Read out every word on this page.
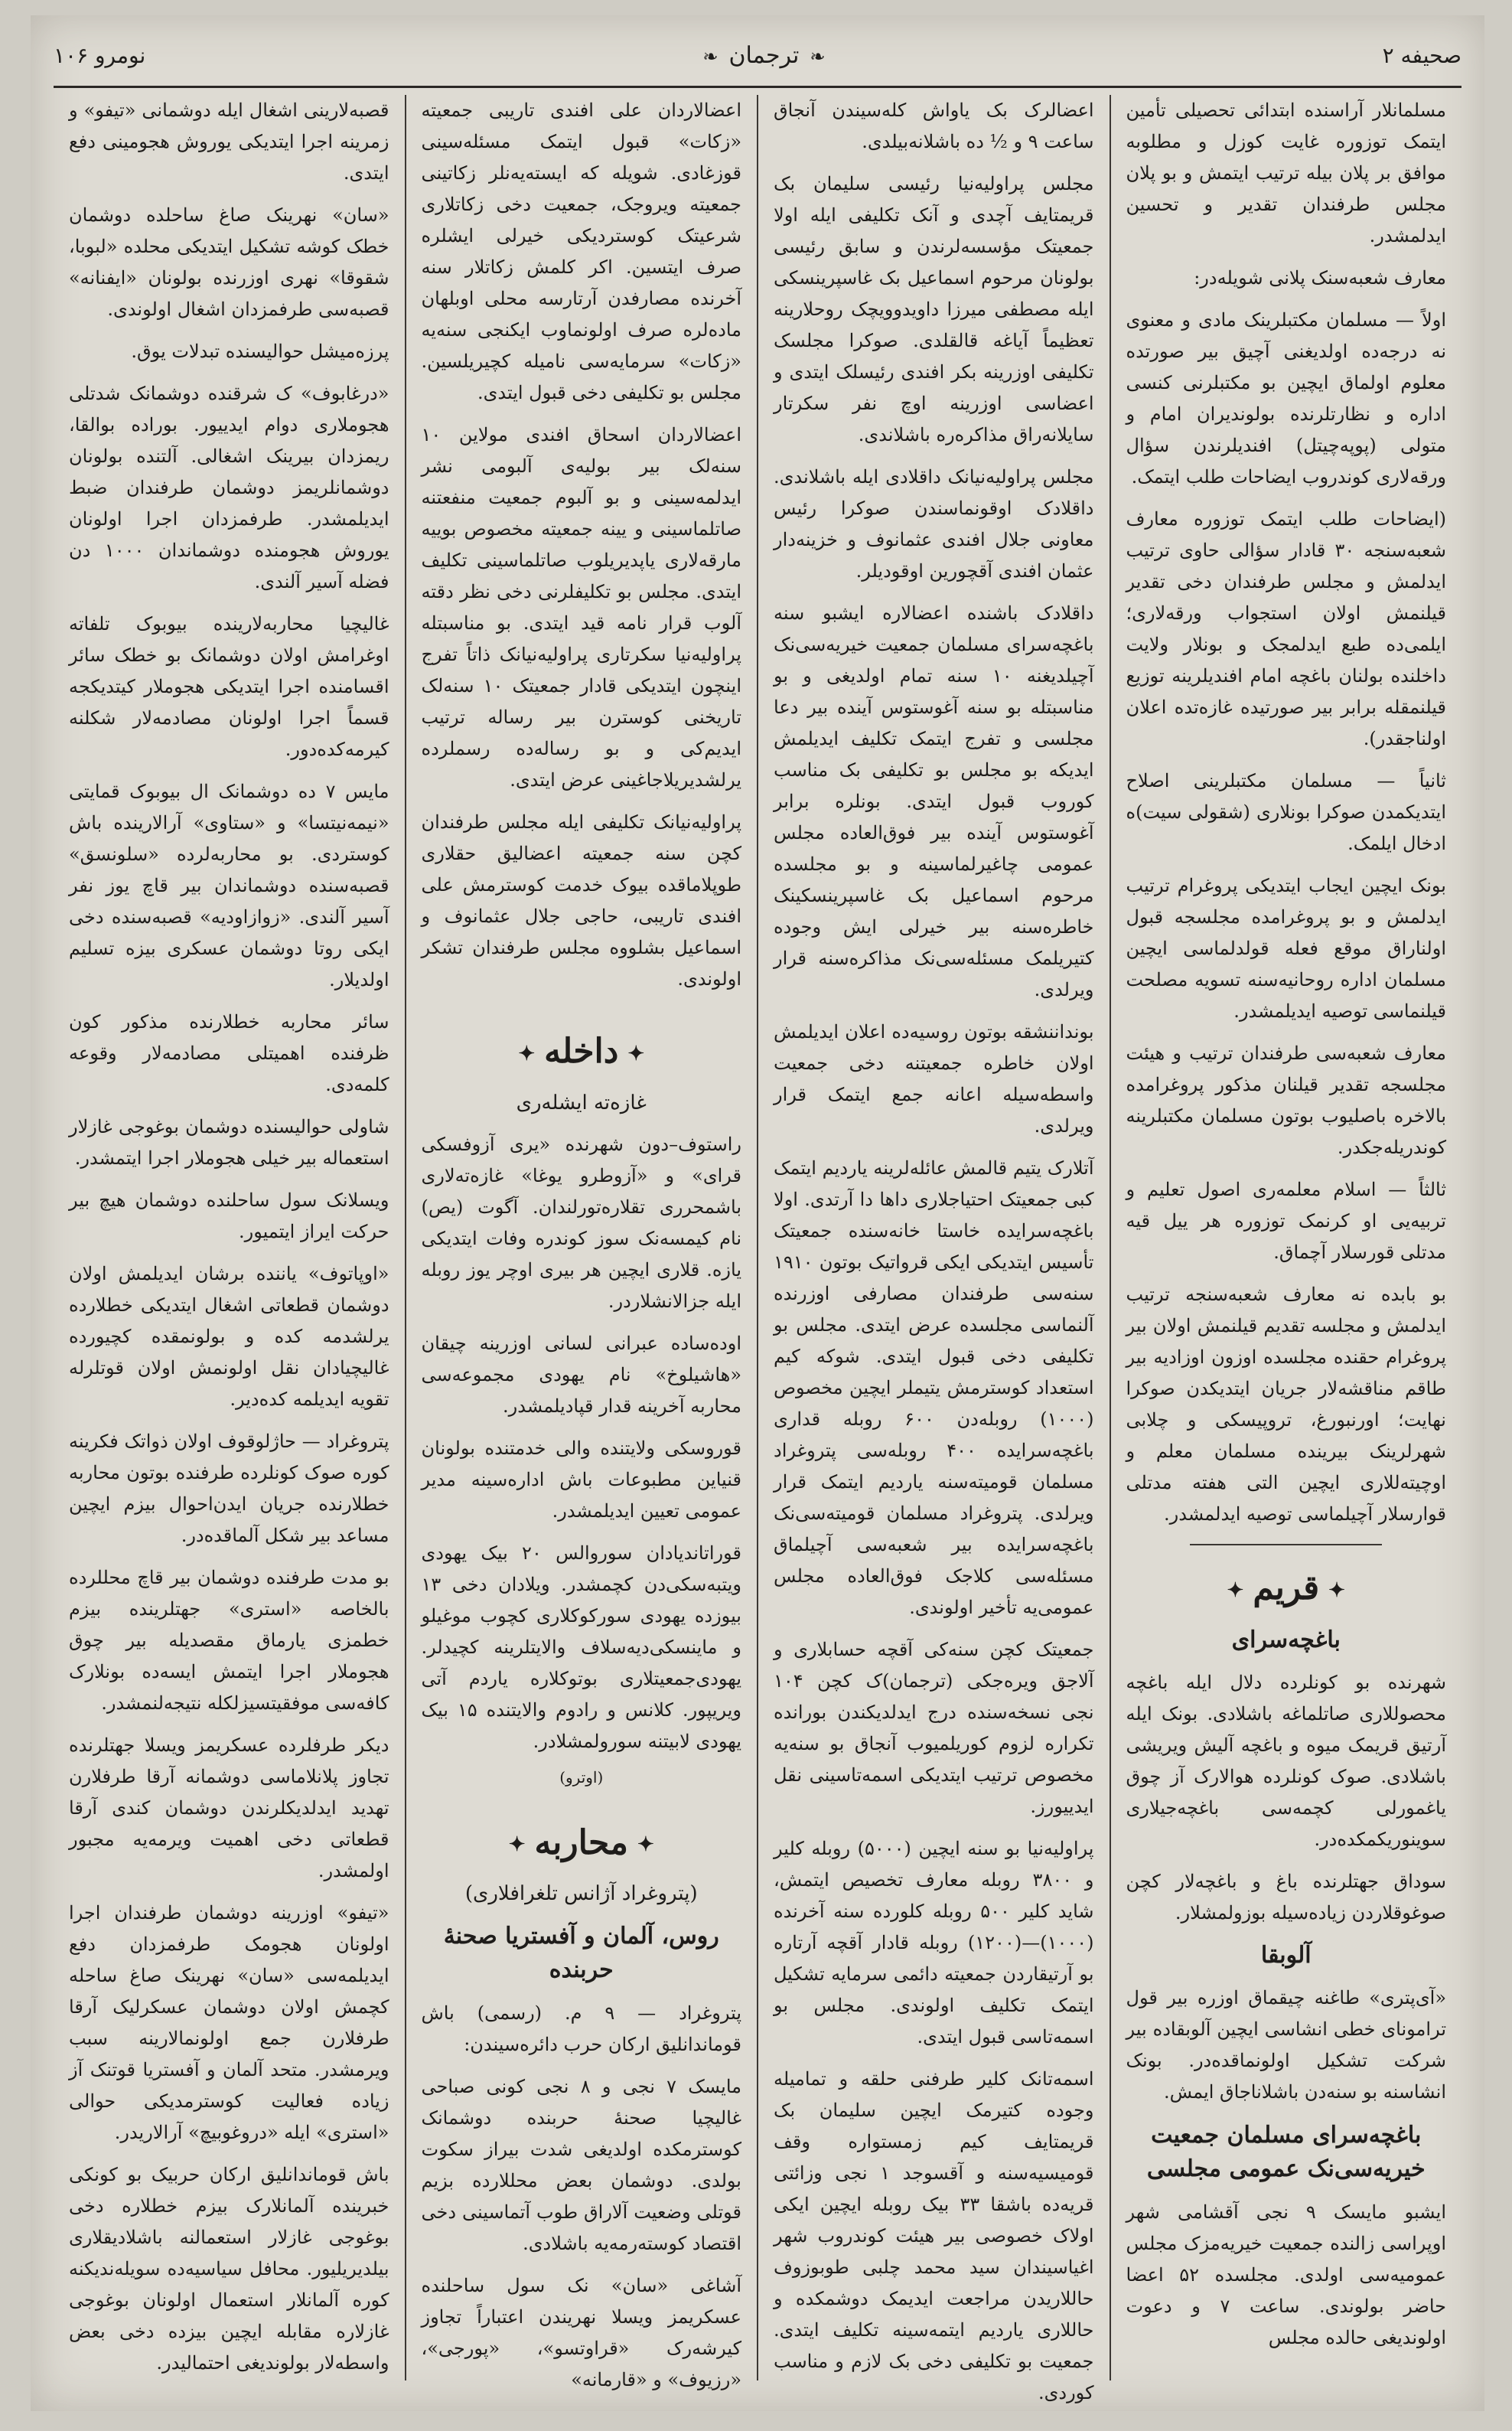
صحیفه ۲
❧ ترجمان ❧
نومرو ۱۰۶

مسلمانلار آراسنده ابتدائی تحصیلی تأمین ایتمک توزوره غایت کوزل و مطلوبه موافق بر پلان بیله ترتیب ایتمش و بو پلان مجلس طرفندان تقدیر و تحسین ایدلمشدر.

معارف شعبه‌سنک پلانی شویله‌در:

اولاً — مسلمان مکتبلرینک مادی و معنوی نه درجه‌ده اولدیغنی آچیق بیر صورتده معلوم اولماق ایچین بو مکتبلرنی کنسی اداره و نظارتلرنده بولوندیران امام و متولی (پوپه‌چیتل) افندیلرندن سؤال ورقه‌لاری کوندروب ایضاحات طلب ایتمک.

(ایضاحات طلب ایتمک توزوره معارف شعبه‌سنجه ۳۰ قادار سؤالی حاوی ترتیب ایدلمش و مجلس طرفندان دخی تقدیر قیلنمش اولان استجواب ورقه‌لاری؛ ایلمی‌ده طبع ایدلمجک و بونلار ولایت داخلنده بولنان باغچه امام افندیلرینه توزیع قیلنمقله برابر بیر صورتیده غازه‌تده اعلان اولناجقدر).

ثانیاً — مسلمان مکتبلرینی اصلاح ایتدیکمدن صوکرا بونلاری (شقولی سیت)ه ادخال ایلمک.

بونک ایچین ایجاب ایتدیکی پروغرام ترتیب ایدلمش و بو پروغرامده مجلسجه قبول اولناراق موقع فعله قولدلماسی ایچین مسلمان اداره روحانیه‌سنه تسویه مصلحت قیلنماسی توصیه ایدیلمشدر.

معارف شعبه‌سی طرفندان ترتیب و هیئت مجلسجه تقدیر قیلنان مذکور پروغرامده بالاخره باصلیوب بوتون مسلمان مکتبلرینه کوندریله‌جکدر.

ثالثاً — اسلام معلمه‌ری اصول تعلیم و تربیه‌یی او کرنمک توزوره هر ییل قیه مدتلی قورسلار آچماق.

بو بابده نه معارف شعبه‌سنجه ترتیب ایدلمش و مجلسه تقدیم قیلنمش اولان بیر پروغرام حقنده مجلسده اوزون اوزادیه بیر طاقم مناقشه‌لار جریان ایتدیکدن صوکرا نهایت؛ اورنبورغ، تروپیسکی و چلابی شهرلرینک بیرینده مسلمان معلم و اوچیته‌للاری ایچین التی هفته مدتلی قوارسلار آچیلماسی توصیه ایدلمشدر.

✦ قریم ✦
باغچه‌سرای

شهرنده بو کونلرده دلال ایله باغچه محصوللاری صاتلماغه باشلادی. بونک ایله آرتیق قریمک میوه و باغچه آلیش ویریشی باشلادی. صوک کونلرده هوالارک آز چوق یاغمورلی کچمه‌سی باغچه‌جیلاری سوینوریکمکده‌در.

سوداق جهتلرنده باغ و باغچه‌لار کچن صوغوقلاردن زیاده‌سیله بوزولمشلار.

آلوبقا

«آی‌پتری» طاغنه چیقماق اوزره بیر قول ترامونای خطی انشاسی ایچین آلوبقاده بیر شرکت تشکیل اولونماقده‌در. بونک انشاسنه بو سنه‌دن باشلاناجاق ایمش.

باغچه‌سرای مسلمان جمعیت خیریه‌سی‌نک عمومی مجلسی

ایشبو مایسک ۹ نجی آقشامی شهر اوپراسی زالنده جمعیت خیریه‌مزک مجلس عمومیه‌سی اولدی. مجلسده ۵۲ اعضا حاضر بولوندی. ساعت ۷ و دعوت اولوندیغی حالده مجلس

اعضالرک بک یاواش کله‌سیندن آنجاق ساعت ۹ و ½ ده باشلانه‌بیلدی.

مجلس پراولیه‌نیا رئیسی سلیمان بک قریمتایف آچدی و آنک تکلیفی ایله اولا جمعیتک مؤسسه‌لرندن و سابق رئیسی بولونان مرحوم اسماعیل بک غاسپرینسکی ایله مصطفی میرزا داویدوویچک روحلارینه تعظیماً آیاغه قالقلدی. صوکرا مجلسک تکلیفی اوزرینه بکر افندی رئیسلک ایتدی و اعضاسی اوزرینه اوچ نفر سکرتار سایلانه‌راق مذاکره‌ره باشلاندی.

مجلس پراولیه‌نیانک داقلادی ایله باشلاندی. داقلادک اوقونماسندن صوکرا رئیس معاونی جلال افندی عثمانوف و خزینه‌دار عثمان افندی آقچورین اوقودیلر.

داقلادک باشنده اعضالاره ایشبو سنه باغچه‌سرای مسلمان جمعیت خیریه‌سی‌نک آچیلدیغنه ۱۰ سنه تمام اولدیغی و بو مناسبتله بو سنه آغوستوس آینده بیر دعا مجلسی و تفرج ایتمک تکلیف ایدیلمش ایدیکه بو مجلس بو تکلیفی بک مناسب کوروب قبول ایتدی. بونلره برابر آغوستوس آینده بیر فوق‌العاده مجلس عمومی چاغیرلماسینه و بو مجلسده مرحوم اسماعیل بک غاسپرینسکینک خاطره‌سنه بیر خیرلی ایش وجوده کتیریلمک مسئله‌سی‌نک مذاکره‌سنه قرار ویرلدی.

بونداننشقه بوتون روسیه‌ده اعلان ایدیلمش اولان خاطره جمعیتنه دخی جمعیت واسطه‌سیله اعانه جمع ایتمک قرار ویرلدی.

آتلارک یتیم قالمش عائله‌لرینه یاردیم ایتمک کبی جمعیتک احتیاجلاری داها دا آرتدی. اولا باغچه‌سرایده خاستا خانه‌سنده جمعیتک تأسیس ایتدیکی ایکی قرواتیک بوتون ۱۹۱۰ سنه‌سی طرفندان مصارفی اوزرنده آلنماسی مجلسده عرض ایتدی. مجلس بو تکلیفی دخی قبول ایتدی. شوکه کیم استعداد کوسترمش یتیملر ایچین مخصوص (۱۰۰۰) روبله‌دن ۶۰۰ روبله قداری باغچه‌سرایده ۴۰۰ روبله‌سی پتروغراد مسلمان قومیته‌سنه یاردیم ایتمک قرار ویرلدی. پتروغراد مسلمان قومیته‌سی‌نک باغچه‌سرایده بیر شعبه‌سی آچیلماق مسئله‌سی کلاجک فوق‌العاده مجلس عمومی‌یه تأخیر اولوندی.

جمعیتک کچن سنه‌کی آقچه حسابلاری و آلاجق ویره‌جکی (ترجمان)ک کچن ۱۰۴ نجی نسخه‌سنده درج ایدلدیکندن بورانده تکراره لزوم کوریلمیوب آنجاق بو سنه‌یه مخصوص ترتیب ایتدیکی اسمه‌تاسینی نقل ایدییورز.

پراولیه‌نیا بو سنه ایچین (۵۰۰۰) روبله کلیر و ۳۸۰۰ روبله معارف تخصیص ایتمش، شاید کلیر ۵۰۰ روبله کلورده سنه آخرنده (۱۰۰۰)—(۱۲۰۰) روبله قادار آقچه آرتاره بو آرتیقاردن جمعیته دائمی سرمایه تشکیل ایتمک تکلیف اولوندی. مجلس بو اسمه‌تاسی قبول ایتدی.

اسمه‌تانک کلیر طرفنی حلقه و تمامیله وجوده کتیرمک ایچین سلیمان بک قریمتایف کیم زمستواره وقف قومیسیه‌سنه و آقسوجد ۱ نجی وزائتی قریه‌ده باشقا ۳۳ بیک روبله ایچین ایکی اولاک خصوصی بیر هیئت کوندروب شهر اغیاسیندان سید محمد چلبی طوبوزوف حاللاریدن مراجعت ایدیمک دوشمکده و حاللاری یاردیم ایتمه‌سینه تکلیف ایتدی. جمعیت بو تکلیفی دخی بک لازم و مناسب کوردی.

اعضالاردان علی افندی تاریبی جمعیته «زکات» قبول ایتمک مسئله‌سینی قوزغادی. شویله که ایسته‌یه‌نلر زکاتینی جمعیته ویروجک، جمعیت دخی زکاتلاری شرعیتک کوستردیکی خیرلی ایشلره صرف ایتسین. اکر کلمش زکاتلار سنه آخرنده مصارفدن آرتارسه محلی اوبلهان ماده‌لره صرف اولونماوب ایکنجی سنه‌یه «زکات» سرمایه‌سی نامیله کچیریلسین. مجلس بو تکلیفی دخی قبول ایتدی.

اعضالاردان اسحاق افندی مولاین ۱۰ سنه‌لک بیر بولیه‌ی آلبومی نشر ایدلمه‌سینی و بو آلبوم جمعیت منفعتنه صاتلماسینی و یینه جمعیته مخصوص بوییه مارقه‌لاری یاپدیریلوب صاتلماسینی تکلیف ایتدی. مجلس بو تکلیفلرنی دخی نظر دقته آلوب قرار نامه قید ایتدی. بو مناسبتله پراولیه‌نیا سکرتاری پراولیه‌نیانک ذاتاً تفرج اینچون ایتدیکی قادار جمعیتک ۱۰ سنه‌لک تاریخنی کوسترن بیر رساله ترتیب ایدیم‌کی و بو رساله‌ده رسملرده یرلشدیریلاجاغینی عرض ایتدی.

پراولیه‌نیانک تکلیفی ایله مجلس طرفندان کچن سنه جمعیته اعضالیق حقلاری طوپلاماقده بیوک خدمت کوسترمش علی افندی تاریبی، حاجی جلال عثمانوف و اسماعیل بشلووه مجلس طرفندان تشکر اولوندی.

✦ داخله ✦
غازه‌ته ایشله‌ری

راستوف–دون شهرنده «یری آزوفسکی قرای» و «آزوطرو یوغا» غازه‌ته‌لاری باشمحرری تقلاره‌تورلندان. آگوت (یص) نام کیمسه‌نک سوز کوندره وفات ایتدیکی یازه. قلاری ایچین هر بیری اوچر یوز روبله ایله جزا‌لانشلاردر.

اوده‌ساده عبرانی لسانی اوزرینه چیقان «هاشیلوخ» نام یهودی مجموعه‌سی محاربه آخرینه قدار قپادیلمشدر.

قوروسکی ولایتنده والی خدمتنده بولونان قنیاین مطبوعات باش اداره‌سینه مدیر عمومی تعیین ایدیلمشدر.

قوراتاندیادان سوروالس ۲۰ بیک یهودی ویتبه‌سکی‌دن کچمشدر. ویلادان دخی ۱۳ بیوزده یهودی سورکوکلاری کچوب موغیلو و ماینسکی‌دیه‌سلاف والایتلرینه کچیدلر. یهودی‌جمعیتلاری بوتوکلاره یاردم آتی ویریپور. کلانس و رادوم والایتنده ۱۵ بیک یهودی لابیتنه سورولمشلادر.

(اوترو)
✦ محاربه ✦
(پتروغراد آژانس تلغرافلاری)
روس، آلمان و آفستریا صحنهٔ حربنده

پتروغراد — ۹ م. (رسمی) باش قوماندانلیق ارکان حرب دائره‌سیندن:

مایسک ۷ نجی و ۸ نجی کونی صباحی غالیچیا صحنهٔ حربنده دوشمانک کوسترمکده اولدیغی شدت بیراز سکوت بولدی. دوشمان بعض محللارده بزیم قوتلی وضعیت آلاراق طوب آتماسینی دخی اقتصاد کوسته‌رمه‌یه باشلادی.

آشاغی «سان» نک سول ساحلنده عسکریمز ویسلا نهریندن اعتباراً تجاوز کیرشه‌رک «قراوتسو»، «پورجی»، «رزیوف» و «قارمانه»

قصبه‌لارینی اشغال ایله دوشمانی «تیفو» و زمرینه اجرا ایتدیکی یوروش هجومینی دفع ایتدی.

«سان» نهرینک صاغ ساحلده دوشمان خطک کوشه تشکیل ایتدیکی محلده «لبوبا، شقوقا» نهری اوزرنده بولونان «ایفنانه» قصبه‌سی طرفمزدان اشغال اولوندی.

پرزه‌میشل حوالیسنده تبدلات یوق.

«درغابوف» ک شرقنده دوشمانک شدتلی هجوملاری دوام ایدییور. بوراده بوالقا، ریمزدان بیرینک اشغالی. آلتنده بولونان دوشمانلریمز دوشمان طرفندان ضبط ایدیلمشدر. طرفمزدان اجرا اولونان یوروش هجومنده دوشماندان ۱۰۰۰ دن فضله آسیر آلندی.

غالیچیا محاربه‌لارینده بیوبوک تلفاته اوغرامش اولان دوشمانک بو خطک سائر اقسامنده اجرا ایتدیکی هجوملار کیتدیکجه قسماً اجرا اولونان مصادمه‌لار شکلنه کیرمه‌کده‌دور.

مایس ۷ ده دوشمانک ال بیوبوک قمایتی «نیمه‌نیتسا» و «ستاوی» آرالارینده باش کوستردی. بو محاربه‌لرده «سلونسق» قصبه‌سنده دوشماندان بیر قاچ یوز نفر آسیر آلندی. «زوازاودیه» قصبه‌سنده دخی ایکی روتا دوشمان عسکری بیزه تسلیم اولدیلار.

سائر محاربه خطلارنده مذکور کون ظرفنده اهمیتلی مصادمه‌لار وقوعه کلمه‌دی.

شاولی حوالیسنده دوشمان بوغوجی غازلار استعماله بیر خیلی هجوملار اجرا ایتمشدر.

ویسلانک سول ساحلنده دوشمان هیچ بیر حرکت ایراز ایتمیور.

«اوپاتوف» یاننده برشان ایدیلمش اولان دوشمان قطعاتی اشغال ایتدیکی خطلارده یرلشدمه کده و بولونمقده کچیورده غالیچیادان نقل اولونمش اولان قوتلرله تقویه ایدیلمه کده‌دیر.

پتروغراد — حاژلوقوف اولان ذواتک فکرینه کوره صوک کونلرده طرفنده بوتون محاربه خطلارنده جریان ایدن‌احوال بیزم ایچین مساعد بیر شکل آلماقده‌در.

بو مدت طرفنده دوشمان بیر قاچ محللرده بالخاصه «استری» جهتلرینده بیزم خطمزی یارماق مقصدیله بیر چوق هجوملار اجرا ایتمش ایسه‌ده بونلارک کافه‌سی موفقیتسیزلکله نتیجه‌لنمشدر.

دیکر طرفلرده عسکریمز ویسلا جهتلرنده تجاوز پلانلاماسی دوشمانه آرقا طرفلارن تهدید ایدلدیکلرندن دوشمان کندی آرقا قطعاتی دخی اهمیت ویرمه‌یه مجبور اولمشدر.

«تیفو» اوزرینه دوشمان طرفندان اجرا اولونان هجومک طرفمزدان دفع ایدیلمه‌سی «سان» نهرینک صاغ ساحله کچمش اولان دوشمان عسکرلیک آرقا طرفلارن جمع اولونمالارینه سبب ویرمشدر. متحد آلمان و آفستریا قوتنک آز زیاده فعالیت کوسترمدیکی حوالی «استری» ایله «دروغوبیچ» آرالاریدر.

باش قوماندانلیق ارکان حربیک بو کونکی خبرینده آلمانلارک بیزم خطلاره دخی بوغوجی غازلار استعمالنه باشلادیقلاری بیلدیریلیور. محافل سیاسیه‌ده سویله‌ندیکنه کوره آلمانلار استعمال اولونان بوغوجی غازلاره مقابله ایچین بیزده دخی بعض واسطه‌لار بولوندیغی احتمالیدر.
